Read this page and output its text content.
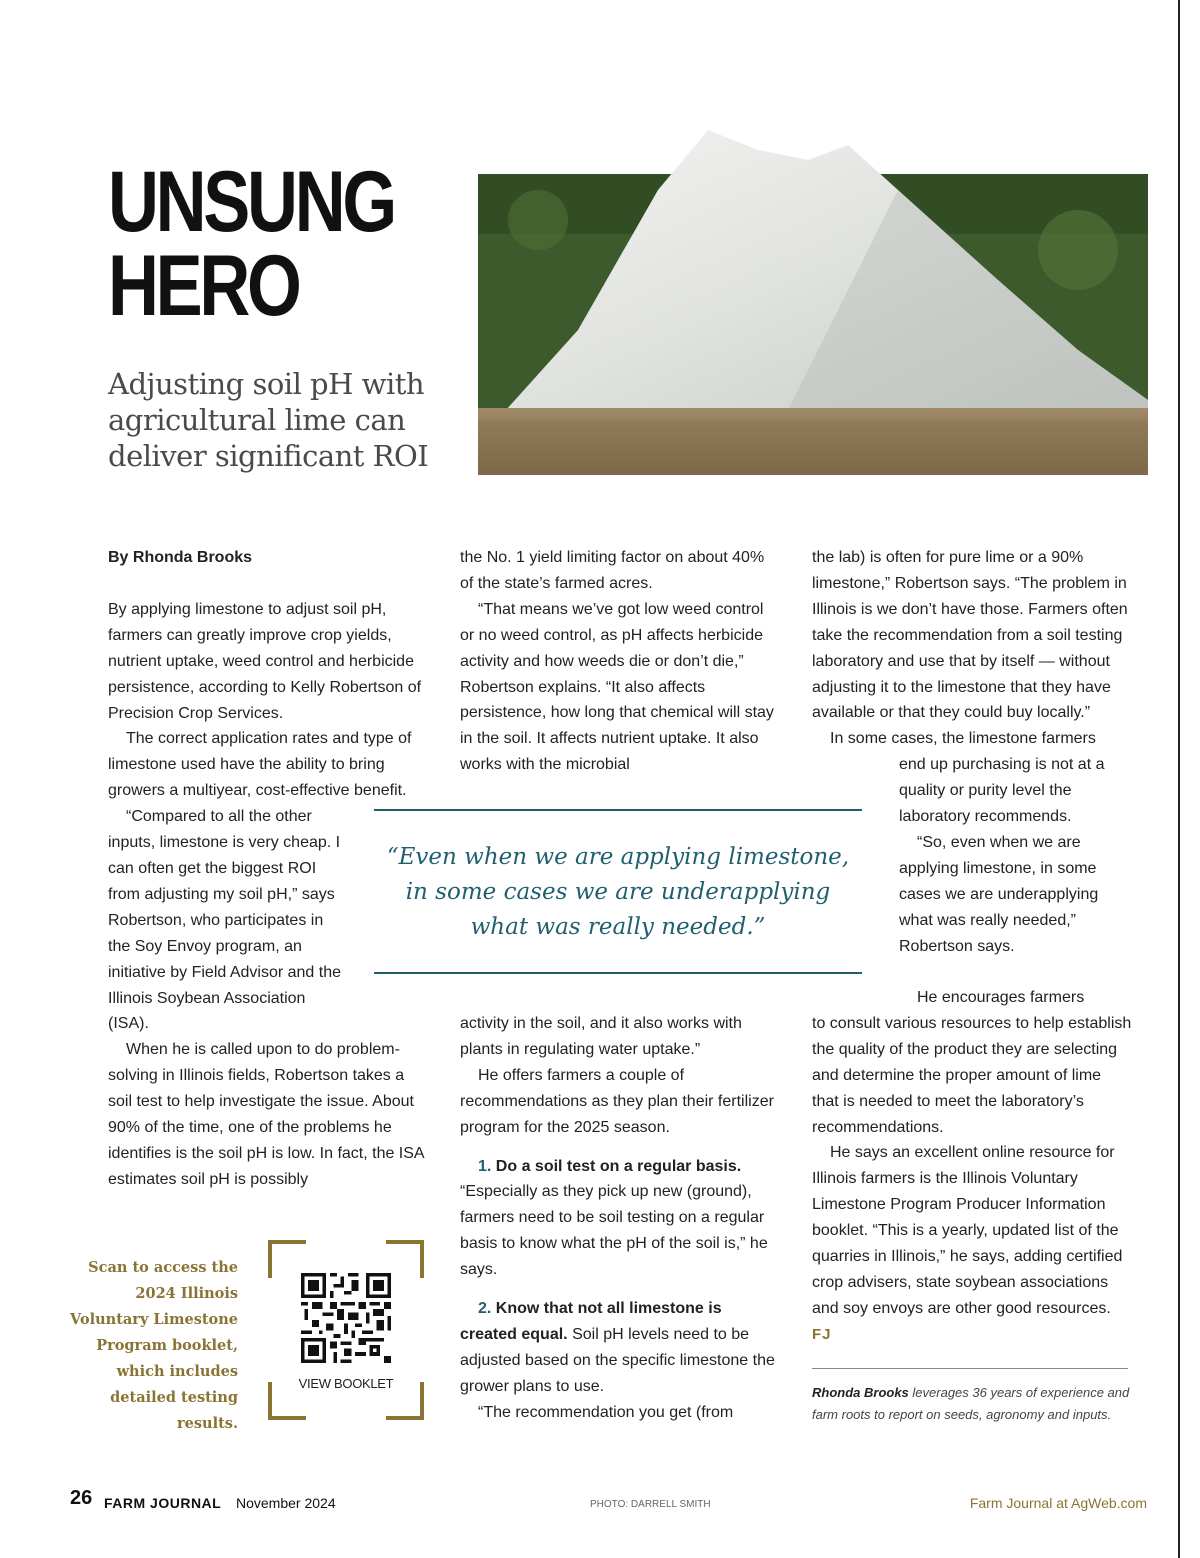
UNSUNG
HERO
Adjusting soil pH with agricultural lime can deliver significant ROI

By Rhonda Brooks

By applying limestone to adjust soil pH, farmers can greatly improve crop yields, nutrient uptake, weed control and herbicide persistence, according to Kelly Robertson of Precision Crop Services.

The correct application rates and type of limestone used have the ability to bring growers a multiyear, cost-effective benefit.

“Compared to all the other inputs, limestone is very cheap. I can often get the biggest ROI from adjusting my soil pH,” says Robertson, who participates in the Soy Envoy program, an initiative by Field Advisor and the Illinois Soybean Association (ISA).

When he is called upon to do problem-solving in Illinois fields, Robertson takes a soil test to help investigate the issue. About 90% of the time, one of the problems he identifies is the soil pH is low. In fact, the ISA estimates soil pH is possibly

the No. 1 yield limiting factor on about 40% of the state’s farmed acres.

“That means we’ve got low weed control or no weed control, as pH affects herbicide activity and how weeds die or don’t die,” Robertson explains. “It also affects persistence, how long that chemical will stay in the soil. It affects nutrient uptake. It also works with the microbial

“Even when we are applying limestone, in some cases we are underapplying what was really needed.”

activity in the soil, and it also works with plants in regulating water uptake.”

He offers farmers a couple of recommendations as they plan their fertilizer program for the 2025 season.

1. Do a soil test on a regular basis.

“Especially as they pick up new (ground), farmers need to be soil testing on a regular basis to know what the pH of the soil is,” he says.

2. Know that not all limestone is created equal. Soil pH levels need to be adjusted based on the specific limestone the grower plans to use.

“The recommendation you get (from

the lab) is often for pure lime or a 90% limestone,” Robertson says. “The problem in Illinois is we don’t have those. Farmers often take the recommendation from a soil testing laboratory and use that by itself — without adjusting it to the limestone that they have available or that they could buy locally.”

In some cases, the limestone farmers

end up purchasing is not at a quality or purity level the laboratory recommends.

“So, even when we are applying limestone, in some cases we are underapplying what was really needed,” Robertson says.

He encourages farmers

to consult various resources to help establish the quality of the product they are selecting and determine the proper amount of lime that is needed to meet the laboratory’s recommendations.

He says an excellent online resource for Illinois farmers is the Illinois Voluntary Limestone Program Producer Information booklet. “This is a yearly, updated list of the quarries in Illinois,” he says, adding certified crop advisers, state soybean associations and soy envoys are other good resources. FJ

Scan to access the 2024 Illinois Voluntary Limestone Program booklet, which includes detailed testing results.

VIEW BOOKLET

Rhonda Brooks leverages 36 years of experience and farm roots to report on seeds, agronomy and inputs.

26 FARM JOURNAL November 2024	PHOTO: DARRELL SMITH	Farm Journal at AgWeb.com
